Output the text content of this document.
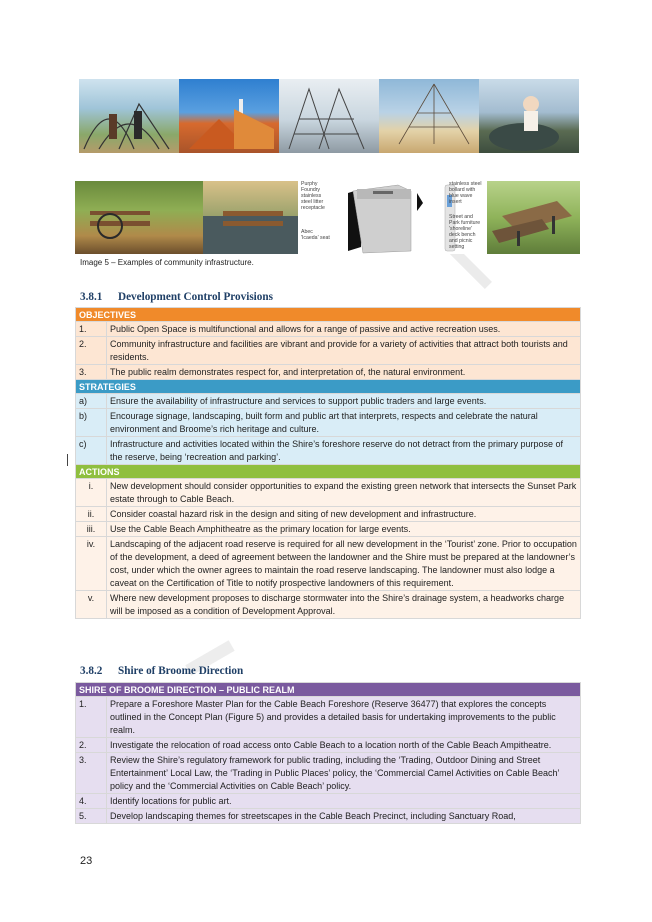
Purphy
Foundry
stainless
steel litter
receptacle
Abec
'Icaeda' seat
stainless steel
bollard with
blue wave
insert
Street and
Park furniture
'shoreline'
deck bench
and picnic
setting
Image 5 – Examples of community infrastructure.
3.8.1 Development Control Provisions
OBJECTIVES	
1.	Public Open Space is multifunctional and allows for a range of passive and active recreation uses.
2.	Community infrastructure and facilities are vibrant and provide for a variety of activities that attract both tourists and residents.
3.	The public realm demonstrates respect for, and interpretation of, the natural environment.
STRATEGIES	
a)	Ensure the availability of infrastructure and services to support public traders and large events.
b)	Encourage signage, landscaping, built form and public art that interprets, respects and celebrate the natural environment and Broome’s rich heritage and culture.
c)	Infrastructure and activities located within the Shire’s foreshore reserve do not detract from the primary purpose of the reserve, being ‘recreation and parking’.
ACTIONS	
i.	New development should consider opportunities to expand the existing green network that intersects the Sunset Park estate through to Cable Beach.
ii.	Consider coastal hazard risk in the design and siting of new development and infrastructure.
iii.	Use the Cable Beach Amphitheatre as the primary location for large events.
iv.	Landscaping of the adjacent road reserve is required for all new development in the ‘Tourist’ zone. Prior to occupation of the development, a deed of agreement between the landowner and the Shire must be prepared at the landowner’s cost, under which the owner agrees to maintain the road reserve landscaping. The landowner must also lodge a caveat on the Certification of Title to notify prospective landowners of this requirement.
v.	Where new development proposes to discharge stormwater into the Shire’s drainage system, a headworks charge will be imposed as a condition of Development Approval.
3.8.2 Shire of Broome Direction
SHIRE OF BROOME DIRECTION – PUBLIC REALM	
1.	Prepare a Foreshore Master Plan for the Cable Beach Foreshore (Reserve 36477) that explores the concepts outlined in the Concept Plan (Figure 5) and provides a detailed basis for undertaking improvements to the public realm.
2.	Investigate the relocation of road access onto Cable Beach to a location north of the Cable Beach Ampitheatre.
3.	Review the Shire’s regulatory framework for public trading, including the ‘Trading, Outdoor Dining and Street Entertainment’ Local Law, the ‘Trading in Public Places’ policy, the ‘Commercial Camel Activities on Cable Beach’ policy and the ‘Commercial Activities on Cable Beach’ policy.
4.	Identify locations for public art.
5.	Develop landscaping themes for streetscapes in the Cable Beach Precinct, including Sanctuary Road,
23
